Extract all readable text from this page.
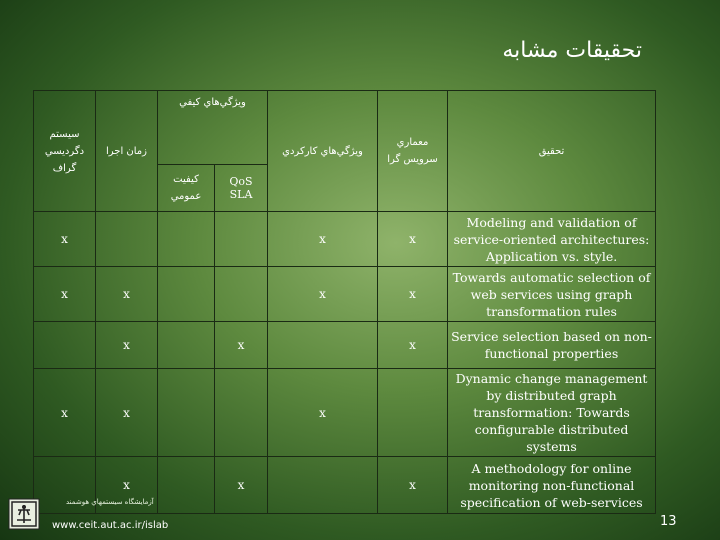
تحقيقات مشابه
سيستم دگرديسي گراف	زمان اجرا	ويژگي‌هاي كيفي		ويژگي‌هاي كاركردي	معماري سرويس گرا	تحقيق
		كيفيت عمومي	QoS SLA			
x				x	x	Modeling and validation of service-oriented architectures: Application vs. style.
x	x			x	x	Towards automatic selection of web services using graph transformation rules
	x		x		x	Service selection based on non-functional properties
x	x			x		Dynamic change management by distributed graph transformation: Towards configurable distributed systems
	x		x		x	A methodology for online monitoring non-functional specification of web-services
آزمايشگاه سيستمهاي هوشمند
www.ceit.aut.ac.ir/islab	13
